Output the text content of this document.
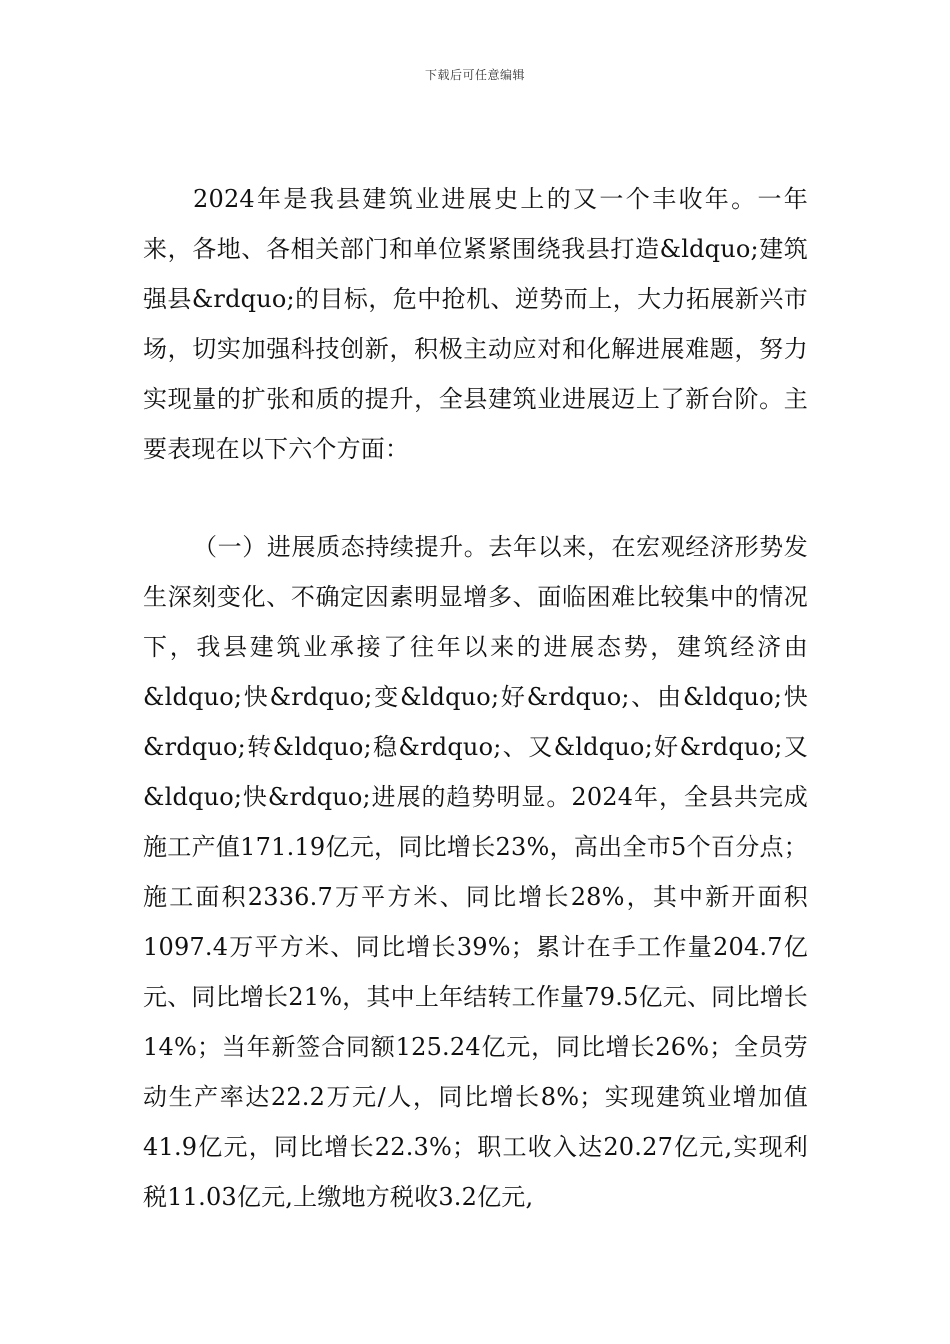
下载后可任意编辑

2024年是我县建筑业进展史上的又一个丰收年。一年来，各地、各相关部门和单位紧紧围绕我县打造&ldquo;建筑强县&rdquo;的目标，危中抢机、逆势而上，大力拓展新兴市场，切实加强科技创新，积极主动应对和化解进展难题，努力实现量的扩张和质的提升，全县建筑业进展迈上了新台阶。主要表现在以下六个方面：

（一）进展质态持续提升。去年以来，在宏观经济形势发生深刻变化、不确定因素明显增多、面临困难比较集中的情况下，我县建筑业承接了往年以来的进展态势，建筑经济由&ldquo;快&rdquo;变&ldquo;好&rdquo;、由&ldquo;快&rdquo;转&ldquo;稳&rdquo;、又&ldquo;好&rdquo;又&ldquo;快&rdquo;进展的趋势明显。2024年，全县共完成施工产值171.19亿元，同比增长23%，高出全市5个百分点；施工面积2336.7万平方米、同比增长28%，其中新开面积1097.4万平方米、同比增长39%；累计在手工作量204.7亿元、同比增长21%，其中上年结转工作量79.5亿元、同比增长14%；当年新签合同额125.24亿元，同比增长26%；全员劳动生产率达22.2万元/人，同比增长8%；实现建筑业增加值41.9亿元，同比增长22.3%；职工收入达20.27亿元,实现利税11.03亿元,上缴地方税收3.2亿元,
